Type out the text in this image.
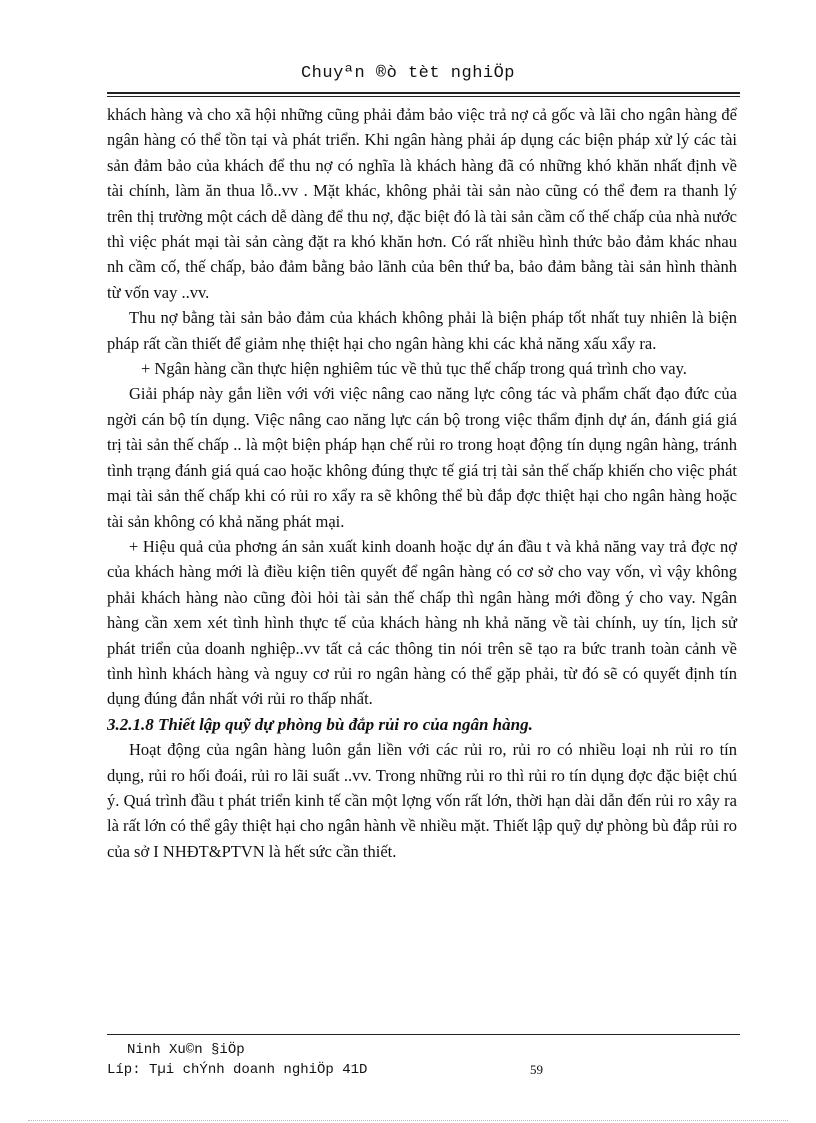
Chuyªn ®ò tèt nghiÖp

khách hàng và cho xã hội những cũng phải đảm bảo việc trả nợ cả gốc và lãi cho ngân hàng để ngân hàng có thể tồn tại và phát triển. Khi ngân hàng phải áp dụng các biện pháp xử lý các tài sản đảm bảo của khách để thu nợ có nghĩa là khách hàng đã có những khó khăn nhất định về tài chính, làm ăn thua lỗ..vv . Mặt khác, không phải tài sản nào cũng có thể đem ra thanh lý trên thị trường một cách dễ dàng để thu nợ, đặc biệt đó là tài sản cầm cố thế chấp của nhà nước thì việc phát mại tài sản càng đặt ra khó khăn hơn. Có rất nhiều hình thức bảo đảm khác nhau nh cầm cố, thế chấp, bảo đảm bằng bảo lãnh của bên thứ ba, bảo đảm bằng tài sản hình thành từ vốn vay ..vv.

Thu nợ bằng tài sản bảo đảm của khách không phải là biện pháp tốt nhất tuy nhiên là biện pháp rất cần thiết để giảm nhẹ thiệt hại cho ngân hàng khi các khả năng xấu xẩy ra.

+ Ngân hàng cần thực hiện nghiêm túc về thủ tục thế chấp trong quá trình cho vay.

Giải pháp này gắn liền với với việc nâng cao năng lực công tác và phẩm chất đạo đức của ngời cán bộ tín dụng. Việc nâng cao năng lực cán bộ trong việc thẩm định dự án, đánh giá giá trị tài sản thế chấp .. là một biện pháp hạn chế rủi ro trong hoạt động tín dụng ngân hàng, tránh tình trạng đánh giá quá cao hoặc không đúng thực tế giá trị tài sản thế chấp khiến cho việc phát mại tài sản thế chấp khi có rủi ro xẩy ra sẽ không thể bù đắp đợc thiệt hại cho ngân hàng hoặc tài sản không có khả năng phát mại.

+ Hiệu quả của phơng án sản xuất kinh doanh hoặc dự án đầu t và khả năng vay trả đợc nợ của khách hàng mới là điều kiện tiên quyết để ngân hàng có cơ sở cho vay vốn, vì vậy không phải khách hàng nào cũng đòi hỏi tài sản thế chấp thì ngân hàng mới đồng ý cho vay. Ngân hàng cần xem xét tình hình thực tế của khách hàng nh khả năng về tài chính, uy tín, lịch sử phát triển của doanh nghiệp..vv tất cả các thông tin nói trên sẽ tạo ra bức tranh toàn cảnh về tình hình khách hàng và nguy cơ rủi ro ngân hàng có thể gặp phải, từ đó sẽ có quyết định tín dụng đúng đắn nhất với rủi ro thấp nhất.

3.2.1.8 Thiết lập quỹ dự phòng bù đắp rủi ro của ngân hàng.

Hoạt động của ngân hàng luôn gắn liền với các rủi ro, rủi ro có nhiều loại nh rủi ro tín dụng, rủi ro hối đoái, rủi ro lãi suất ..vv. Trong những rủi ro thì rủi ro tín dụng đợc đặc biệt chú ý. Quá trình đầu t phát triển kinh tế cần một lợng vốn rất lớn, thời hạn dài dẫn đến rủi ro xây ra là rất lớn có thể gây thiệt hại cho ngân hành về nhiều mặt. Thiết lập quỹ dự phòng bù đắp rủi ro của sở I NHĐT&PTVN là hết sức cần thiết.

Ninh Xu©n §iÖp
Líp: Tµi chÝnh doanh nghiÖp 41D	59
